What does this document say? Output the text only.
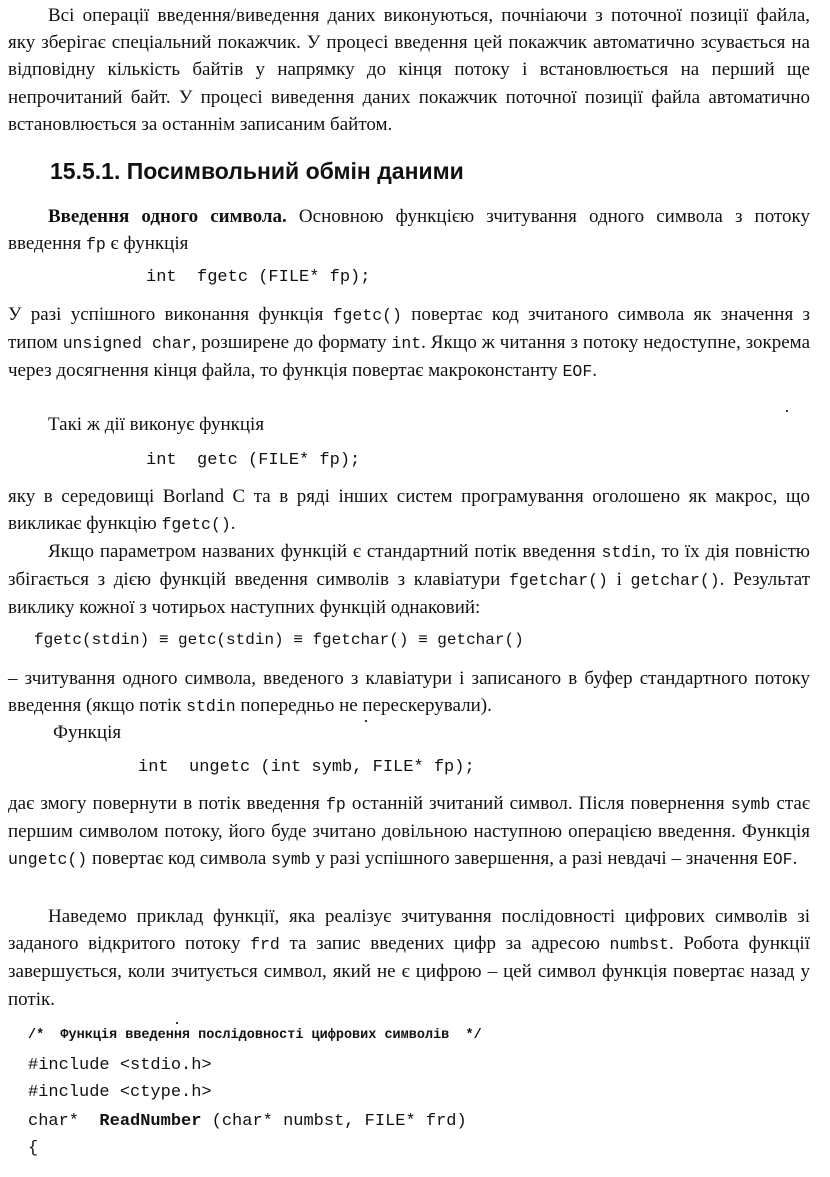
Всі операції введення/виведення даних виконуються, почніаючи з поточної позиції файла, яку зберігає спеціальний покажчик. У процесі введення цей покажчик автоматично зсувається на відповідну кількість байтів у напрямку до кінця потоку і встановлюється на перший ще непрочитаний байт. У процесі виведення даних покажчик поточної позиції файла автоматично встановлюється за останнім записаним байтом.

15.5.1. Посимвольний обмін даними

Введення одного символа. Основною функцією зчитування одного символа з потоку введення fp є функція

int  fgetc (FILE* fp);

У разі успішного виконання функція fgetc() повертає код зчитаного символа як значення з типом unsigned char, розширене до формату int. Якщо ж читання з потоку недоступне, зокрема через досягнення кінця файла, то функція повертає макроконстанту EOF.

Такі ж дії виконує функція

int  getc (FILE* fp);

яку в середовищі Borland C та в ряді інших систем програмування оголошено як макрос, що викликає функцію fgetc().

Якщо параметром названих функцій є стандартний потік введення stdin, то їх дія повністю збігається з дією функцій введення символів з клавіатури fgetchar() і getchar(). Результат виклику кожної з чотирьох наступних функцій однаковий:

fgetc(stdin) ≡ getc(stdin) ≡ fgetchar() ≡ getchar()

– зчитування одного символа, введеного з клавіатури і записаного в буфер стандартного потоку введення (якщо потік stdin попередньо не перескерували).

Функція

int  ungetc (int symb, FILE* fp);

дає змогу повернути в потік введення fp останній зчитаний символ. Після повернення symb стає першим символом потоку, його буде зчитано довільною наступною операцією введення. Функція ungetc() повертає код символа symb у разі успішного завершення, а разі невдачі – значення EOF.

Наведемо приклад функції, яка реалізує зчитування послідовності цифрових символів зі заданого відкритого потоку frd та запис введених цифр за адресою numbst. Робота функції завершується, коли зчитується символ, який не є цифрою – цей символ функція повертає назад у потік.

/*  Функція введення послідовності цифрових символів  */
#include <stdio.h>
#include <ctype.h>
char*  ReadNumber (char* numbst, FILE* frd)
{
